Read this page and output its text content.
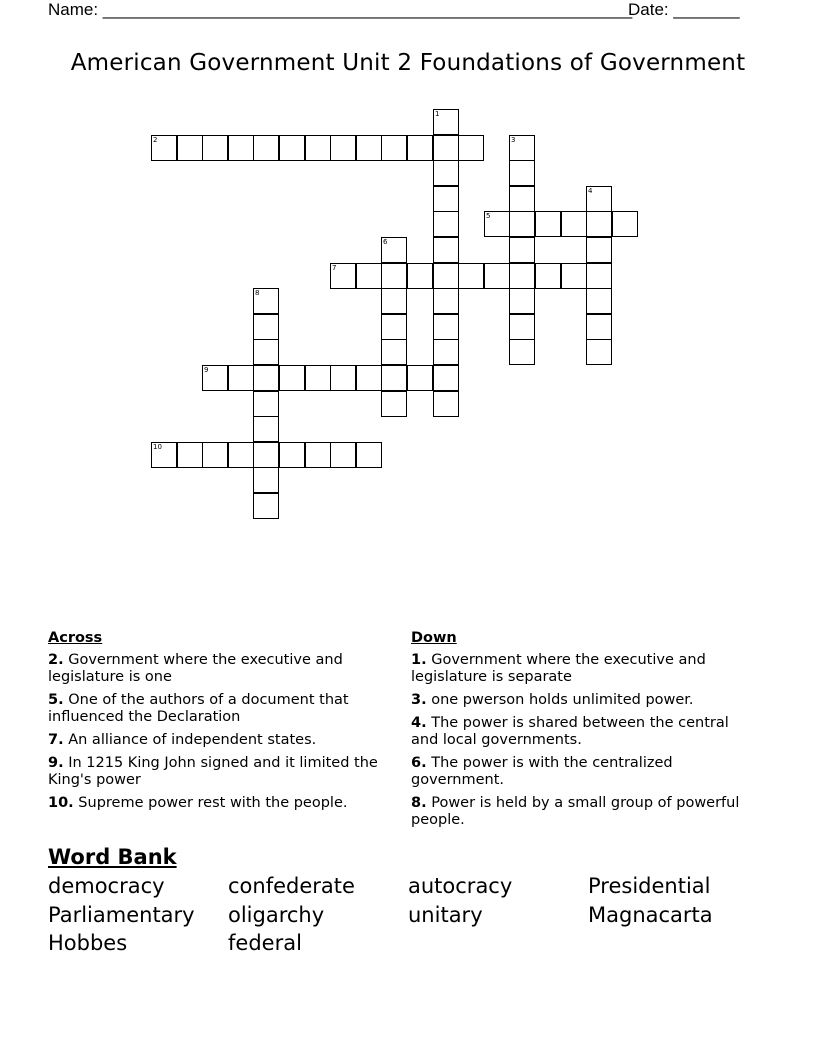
Name: ________________________________________________________
Date: _______
American Government Unit 2 Foundations of Government
1
2	3
4
5
6
7
8
9
10
Across
2. Government where the executive and legislature is one
5. One of the authors of a document that influenced the Declaration
7. An alliance of independent states.
9. In 1215 King John signed and it limited the King's power
10. Supreme power rest with the people.
Down
1. Government where the executive and legislature is separate
3. one pwerson holds unlimited power.
4. The power is shared between the central and local governments.
6. The power is with the centralized government.
8. Power is held by a small group of powerful people.
Word Bank
democracy	confederate	autocracy	Presidential
Parliamentary	oligarchy	unitary	Magnacarta
Hobbes	federal
